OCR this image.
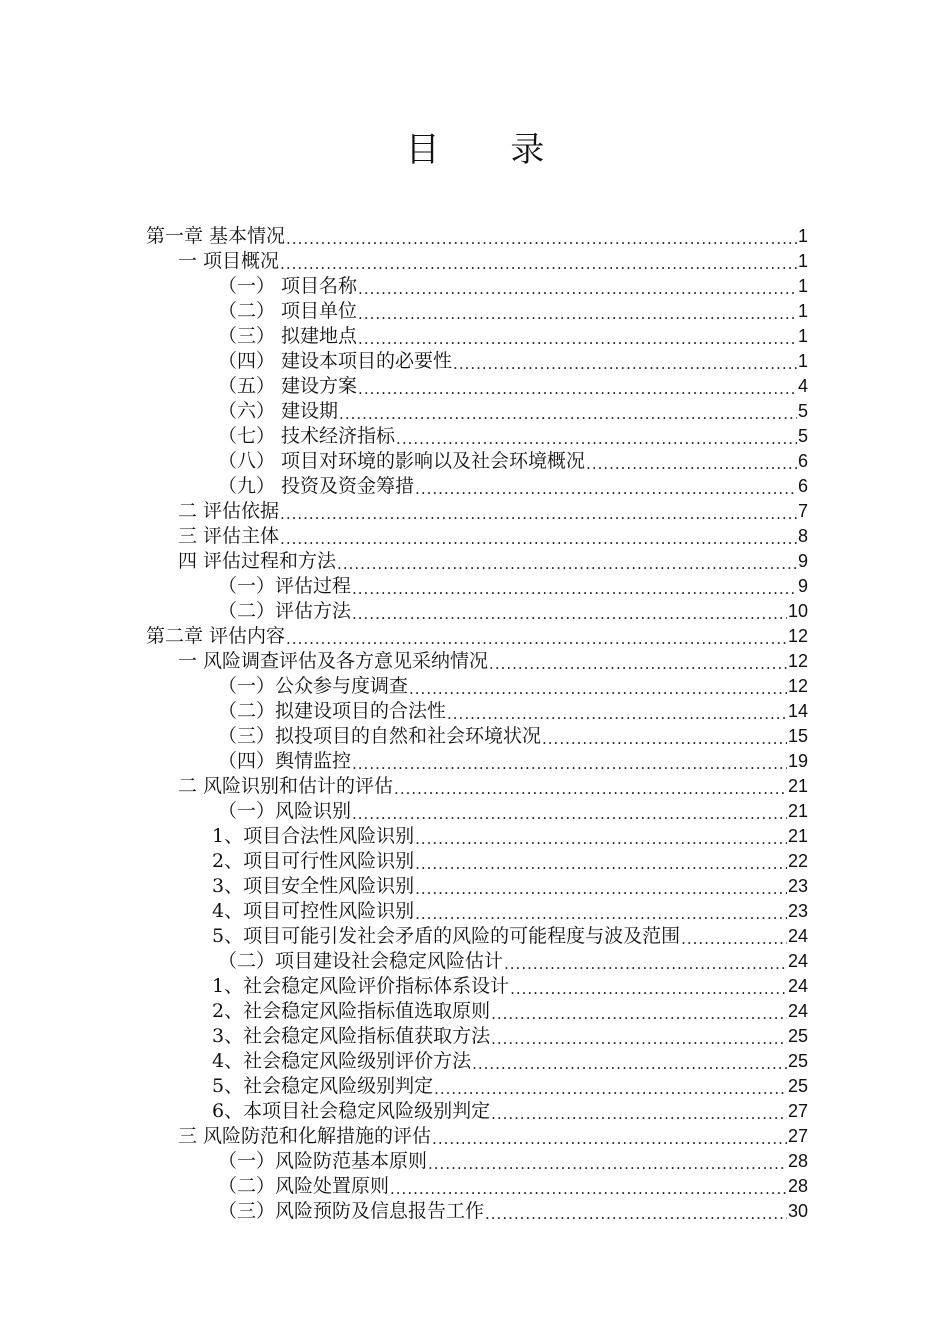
目 录
第一章 基本情况 .....	1
一 项目概况 .....	1
（一） 项目名称 .....	1
（二） 项目单位 .....	1
（三） 拟建地点 .....	1
（四） 建设本项目的必要性 .....	1
（五） 建设方案 .....	4
（六） 建设期 .....	5
（七） 技术经济指标 .....	5
（八） 项目对环境的影响以及社会环境概况 .....	6
（九） 投资及资金筹措 .....	6
二 评估依据 .....	7
三 评估主体 .....	8
四 评估过程和方法 .....	9
（一）评估过程 .....	9
（二）评估方法 .....	10
第二章 评估内容 .....	12
一 风险调查评估及各方意见采纳情况 .....	12
（一）公众参与度调查 .....	12
（二）拟建设项目的合法性 .....	14
（三）拟投项目的自然和社会环境状况 .....	15
（四）舆情监控 .....	19
二 风险识别和估计的评估 .....	21
（一）风险识别 .....	21
1、项目合法性风险识别 .....	21
2、项目可行性风险识别 .....	22
3、项目安全性风险识别 .....	23
4、项目可控性风险识别 .....	23
5、项目可能引发社会矛盾的风险的可能程度与波及范围 .....	24
（二）项目建设社会稳定风险估计 .....	24
1、社会稳定风险评价指标体系设计 .....	24
2、社会稳定风险指标值选取原则 .....	24
3、社会稳定风险指标值获取方法 .....	25
4、社会稳定风险级别评价方法 .....	25
5、社会稳定风险级别判定 .....	25
6、本项目社会稳定风险级别判定 .....	27
三 风险防范和化解措施的评估 .....	27
（一）风险防范基本原则 .....	28
（二）风险处置原则 .....	28
（三）风险预防及信息报告工作 .....	30
